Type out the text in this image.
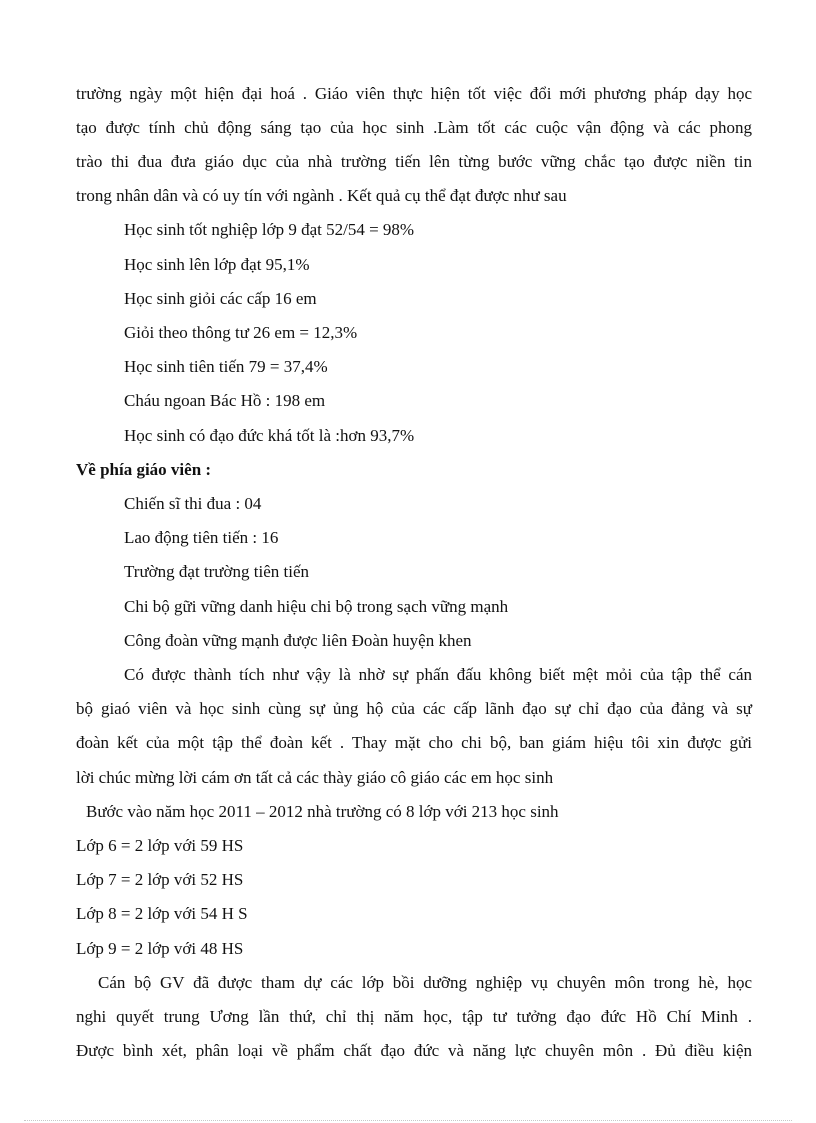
trường ngày một hiện đại hoá . Giáo viên thực hiện tốt việc đổi mới phương pháp dạy học
tạo được tính chủ động sáng tạo của học sinh .Làm tốt các cuộc vận động và các phong
trào thi đua đưa giáo dục của nhà trường tiến lên từng bước vững chắc tạo được niền tin
trong nhân dân và có uy tín với ngành . Kết quả cụ thể đạt được như sau
Học sinh tốt nghiệp lớp 9 đạt 52/54 = 98%
Học sinh lên lớp đạt 95,1%
Học sinh giỏi các cấp 16 em
Giỏi theo thông tư 26 em = 12,3%
Học sinh tiên tiến 79 = 37,4%
Cháu ngoan Bác Hồ : 198 em
Học sinh có đạo đức khá tốt là :hơn 93,7%
Về phía giáo viên :
Chiến sĩ thi đua : 04
Lao động tiên tiến : 16
Trường đạt trường tiên tiến
Chi bộ gữi vững danh hiệu chi bộ trong sạch vững mạnh
Công đoàn vững mạnh được liên Đoàn huyện khen
Có được thành tích như vậy là nhờ sự phấn đấu không biết mệt mỏi của tập thể cán
bộ giaó viên và học sinh cùng sự ủng hộ của các cấp lãnh đạo sự chỉ đạo của đảng và sự
đoàn kết của một tập thể đoàn kết . Thay mặt cho chi bộ, ban giám hiệu tôi xin được gửi
lời chúc mừng lời cám ơn tất cả các thày giáo cô giáo các em học sinh
Bước vào năm học 2011 – 2012 nhà trường có 8 lớp với 213 học sinh
Lớp 6 = 2 lớp với 59 HS
Lớp 7 = 2 lớp với 52 HS
Lớp 8 = 2 lớp với 54 H S
Lớp 9 = 2 lớp với 48 HS
Cán bộ GV đã được tham dự các lớp bồi dưỡng nghiệp vụ chuyên môn trong hè, học
nghi quyết trung Ương lần thứ, chỉ thị năm học, tập tư tưởng đạo đức Hồ Chí Minh .
Được bình xét, phân loại về phẩm chất đạo đức và năng lực chuyên môn . Đủ điều kiện
